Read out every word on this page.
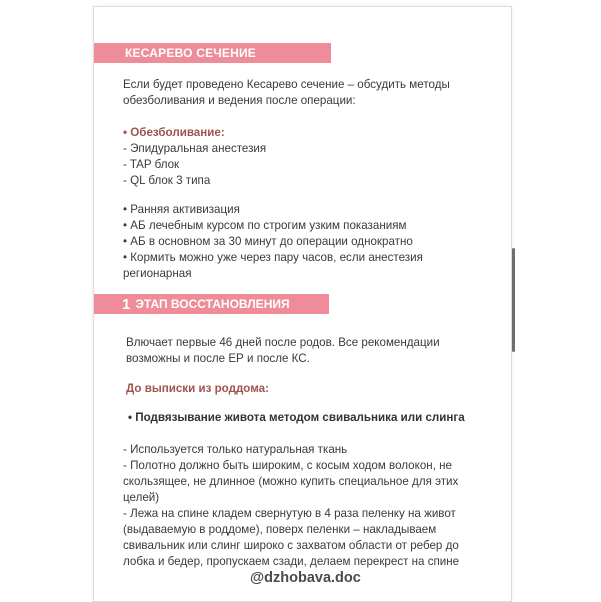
КЕСАРЕВО СЕЧЕНИЕ
Если будет проведено Кесарево сечение – обсудить методы
обезболивания и ведения после операции:
• Обезболивание:
- Эпидуральная анестезия
- TAP блок
- QL блок 3 типа
• Ранняя активизация
• АБ лечебным курсом по строгим узким показаниям
• АБ в основном за 30 минут до операции однократно
• Кормить можно уже через пару часов, если анестезия
регионарная
1 ЭТАП ВОССТАНОВЛЕНИЯ
Влючает первые 46 дней после родов. Все рекомендации
возможны и после ЕР и после КС.
До выписки из роддома:
• Подвязывание живота методом свивальника или слинга
- Используется только натуральная ткань
- Полотно должно быть широким, с косым ходом волокон, не
скользящее, не длинное (можно купить специальное для этих
целей)
- Лежа на спине кладем свернутую в 4 раза пеленку на живот
(выдаваемую в роддоме), поверх пеленки – накладываем
свивальник или слинг широко с захватом области от ребер до
лобка и бедер, пропускаем сзади, делаем перекрест на спине
@dzhobava.doc
